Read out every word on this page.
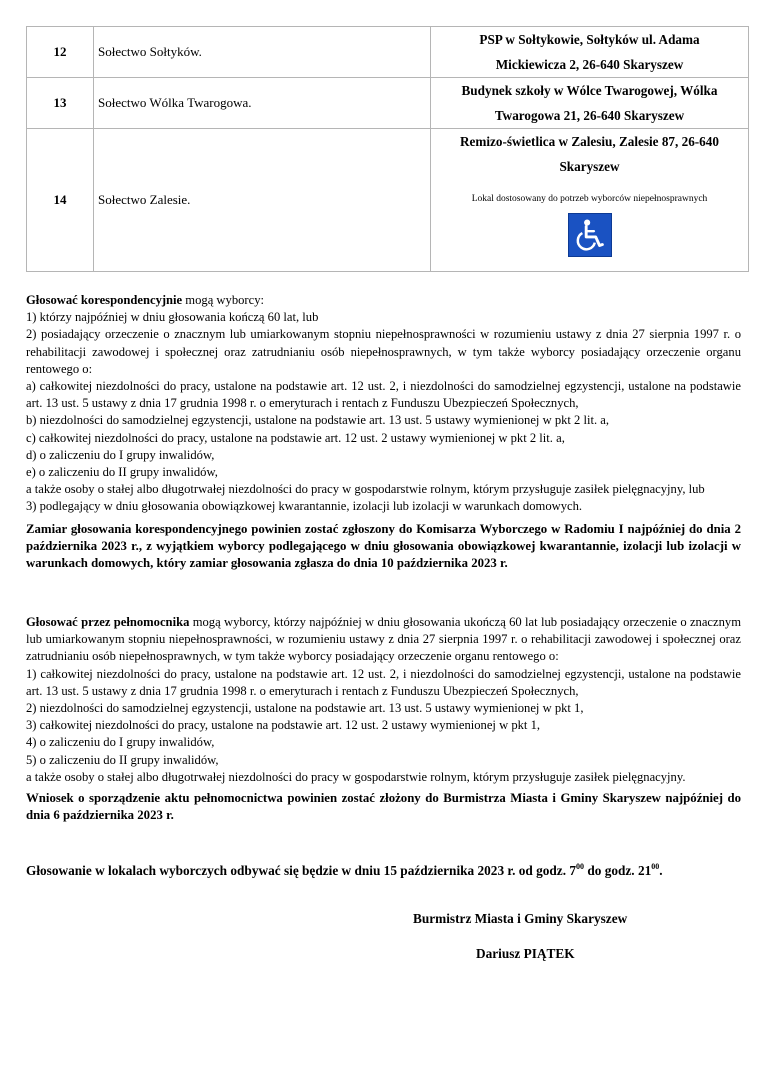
12	Sołectwo Sołtyków.	PSP w Sołtykowie, Sołtyków ul. Adama
Mickiewicza 2, 26-640 Skaryszew

13	Sołectwo Wólka Twarogowa.	Budynek szkoły w Wólce Twarogowej, Wólka
Twarogowa 21, 26-640 Skaryszew

14	Sołectwo Zalesie.	Remizo-świetlica w Zalesiu, Zalesie 87, 26-640
Skaryszew
Lokal dostosowany do potrzeb wyborców niepełnosprawnych

Głosować korespondencyjnie mogą wyborcy:

1) którzy najpóźniej w dniu głosowania kończą 60 lat, lub

2) posiadający orzeczenie o znacznym lub umiarkowanym stopniu niepełnosprawności w rozumieniu ustawy z dnia 27 sierpnia 1997 r. o rehabilitacji zawodowej i społecznej oraz zatrudnianiu osób niepełnosprawnych, w tym także wyborcy posiadający orzeczenie organu rentowego o:

a) całkowitej niezdolności do pracy, ustalone na podstawie art. 12 ust. 2, i niezdolności do samodzielnej egzystencji, ustalone na podstawie art. 13 ust. 5 ustawy z dnia 17 grudnia 1998 r. o emeryturach i rentach z Funduszu Ubezpieczeń Społecznych,

b) niezdolności do samodzielnej egzystencji, ustalone na podstawie art. 13 ust. 5 ustawy wymienionej w pkt 2 lit. a,

c) całkowitej niezdolności do pracy, ustalone na podstawie art. 12 ust. 2 ustawy wymienionej w pkt 2 lit. a,

d) o zaliczeniu do I grupy inwalidów,

e) o zaliczeniu do II grupy inwalidów,

a także osoby o stałej albo długotrwałej niezdolności do pracy w gospodarstwie rolnym, którym przysługuje zasiłek pielęgnacyjny, lub

3) podlegający w dniu głosowania obowiązkowej kwarantannie, izolacji lub izolacji w warunkach domowych.

Zamiar głosowania korespondencyjnego powinien zostać zgłoszony do Komisarza Wyborczego w Radomiu I najpóźniej do dnia 2 października 2023 r., z wyjątkiem wyborcy podlegającego w dniu głosowania obowiązkowej kwarantannie, izolacji lub izolacji w warunkach domowych, który zamiar głosowania zgłasza do dnia 10 października 2023 r.

Głosować przez pełnomocnika mogą wyborcy, którzy najpóźniej w dniu głosowania ukończą 60 lat lub posiadający orzeczenie o znacznym lub umiarkowanym stopniu niepełnosprawności, w rozumieniu ustawy z dnia 27 sierpnia 1997 r. o rehabilitacji zawodowej i społecznej oraz zatrudnianiu osób niepełnosprawnych, w tym także wyborcy posiadający orzeczenie organu rentowego o:

1) całkowitej niezdolności do pracy, ustalone na podstawie art. 12 ust. 2, i niezdolności do samodzielnej egzystencji, ustalone na podstawie art. 13 ust. 5 ustawy z dnia 17 grudnia 1998 r. o emeryturach i rentach z Funduszu Ubezpieczeń Społecznych,

2) niezdolności do samodzielnej egzystencji, ustalone na podstawie art. 13 ust. 5 ustawy wymienionej w pkt 1,

3) całkowitej niezdolności do pracy, ustalone na podstawie art. 12 ust. 2 ustawy wymienionej w pkt 1,

4) o zaliczeniu do I grupy inwalidów,

5) o zaliczeniu do II grupy inwalidów,

a także osoby o stałej albo długotrwałej niezdolności do pracy w gospodarstwie rolnym, którym przysługuje zasiłek pielęgnacyjny.

Wniosek o sporządzenie aktu pełnomocnictwa powinien zostać złożony do Burmistrza Miasta i Gminy Skaryszew najpóźniej do dnia 6 października 2023 r.

Głosowanie w lokalach wyborczych odbywać się będzie w dniu 15 października 2023 r. od godz. $7^{00}$ do godz. $21^{00}$.
Burmistrz Miasta i Gminy Skaryszew
Dariusz PIĄTEK
